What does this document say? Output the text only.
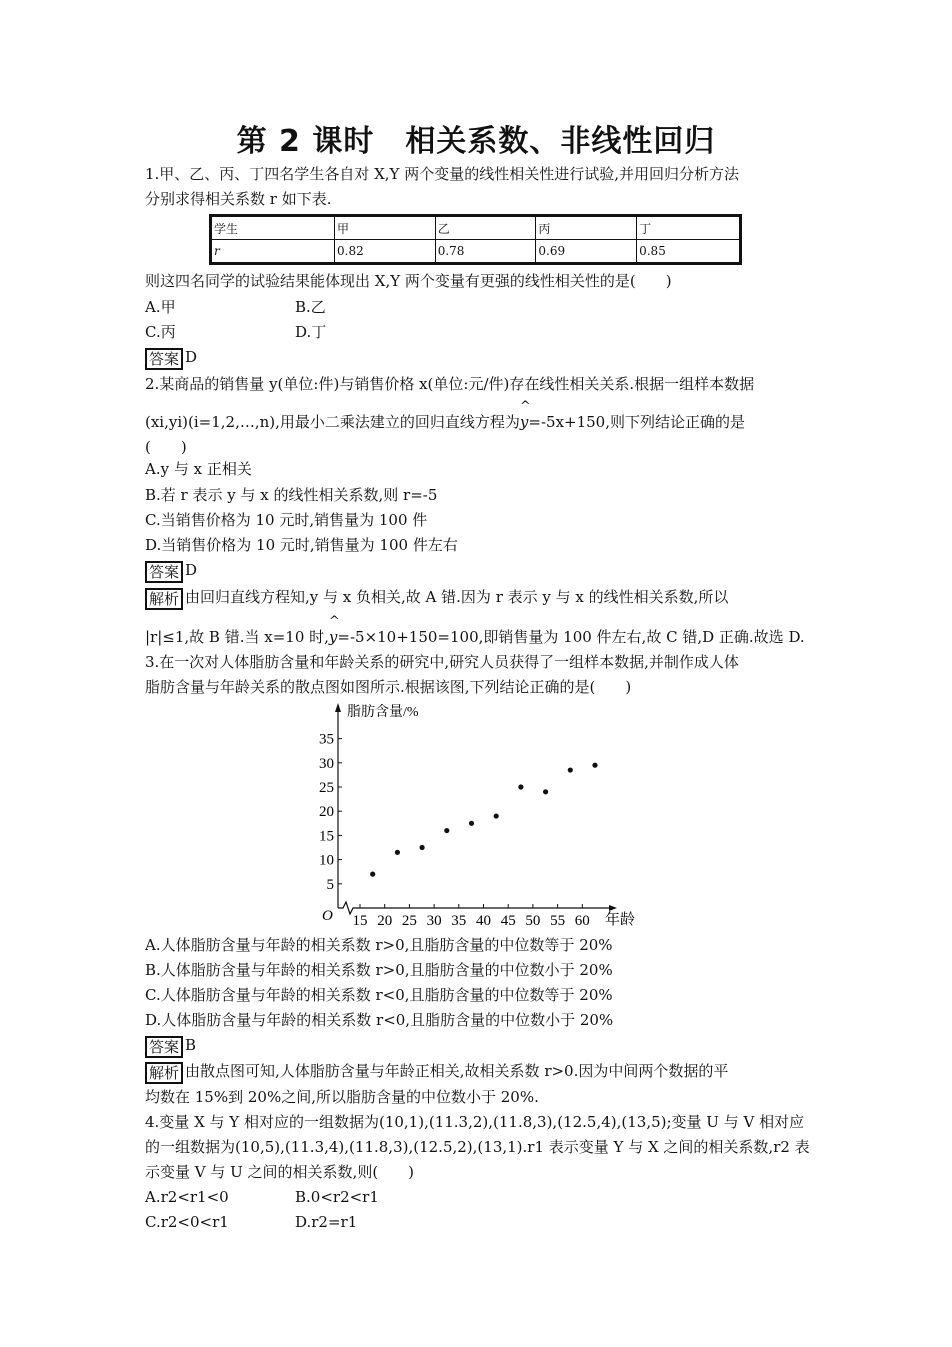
第 2 课时　相关系数、非线性回归
1.甲、乙、丙、丁四名学生各自对 X,Y 两个变量的线性相关性进行试验,并用回归分析方法
分别求得相关系数 r 如下表.
学生	甲	乙	丙	丁
r	0.82	0.78	0.69	0.85
则这四名同学的试验结果能体现出 X,Y 两个变量有更强的线性相关性的是(　　)
A.甲	B.乙
C.丙	D.丁
答案 D
2.某商品的销售量 y(单位:件)与销售价格 x(单位:元/件)存在线性相关关系.根据一组样本数据
(xi,yi)(i=1,2,…,n),用最小二乘法建立的回归直线方程为^ y=-5x+150,则下列结论正确的是
(　　)
A.y 与 x 正相关
B.若 r 表示 y 与 x 的线性相关系数,则 r=-5
C.当销售价格为 10 元时,销售量为 100 件
D.当销售价格为 10 元时,销售量为 100 件左右
答案 D
解析 由回归直线方程知,y 与 x 负相关,故 A 错.因为 r 表示 y 与 x 的线性相关系数,所以
|r|≤1,故 B 错.当 x=10 时,^ y=-5×10+150=100,即销售量为 100 件左右,故 C 错,D 正确.故选 D.
3.在一次对人体脂肪含量和年龄关系的研究中,研究人员获得了一组样本数据,并制作成人体
脂肪含量与年龄关系的散点图如图所示.根据该图,下列结论正确的是(　　)
5
10
15
20
25
30
35
15 20 25 30 35 40 45 50 55 60
脂肪含量/%
年龄
O
A.人体脂肪含量与年龄的相关系数 r>0,且脂肪含量的中位数等于 20%
B.人体脂肪含量与年龄的相关系数 r>0,且脂肪含量的中位数小于 20%
C.人体脂肪含量与年龄的相关系数 r<0,且脂肪含量的中位数等于 20%
D.人体脂肪含量与年龄的相关系数 r<0,且脂肪含量的中位数小于 20%
答案 B
解析 由散点图可知,人体脂肪含量与年龄正相关,故相关系数 r>0.因为中间两个数据的平
均数在 15%到 20%之间,所以脂肪含量的中位数小于 20%.
4.变量 X 与 Y 相对应的一组数据为(10,1),(11.3,2),(11.8,3),(12.5,4),(13,5);变量 U 与 V 相对应
的一组数据为(10,5),(11.3,4),(11.8,3),(12.5,2),(13,1).r1 表示变量 Y 与 X 之间的相关系数,r2 表
示变量 V 与 U 之间的相关系数,则(　　)
A.r2<r1<0	B.0<r2<r1
C.r2<0<r1	D.r2=r1
